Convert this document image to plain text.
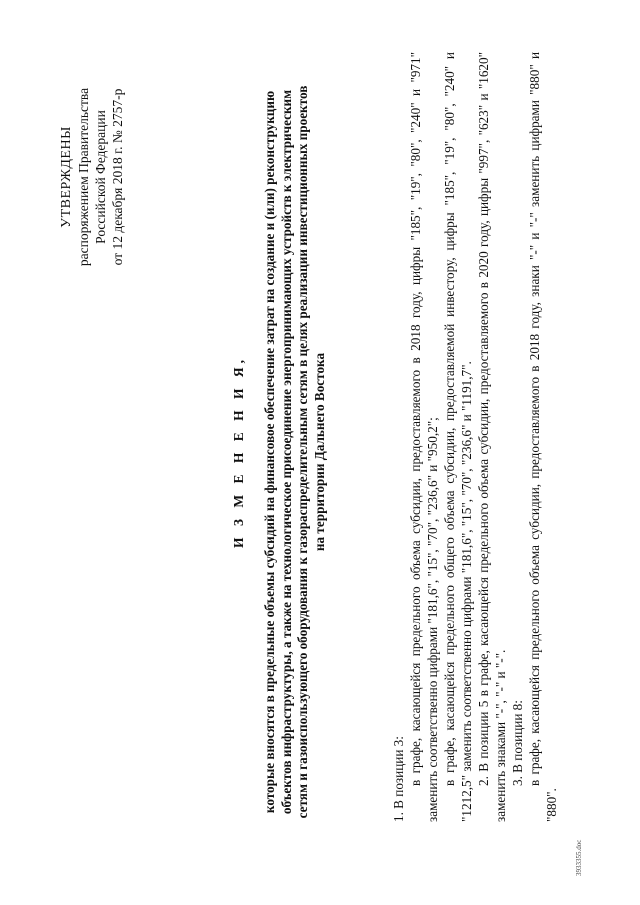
УТВЕРЖДЕНЫ распоряжением Правительства Российской Федерации от 12 декабря 2018 г. № 2757-р
И З М Е Н Е Н И Я, которые вносятся в предельные объемы субсидий на финансовое обеспечение затрат на создание и (или) реконструкцию объектов инфраструктуры, а также на технологическое присоединение энергопринимающих устройств к электрическим сетям и газоиспользующего оборудования к газораспределительным сетям в целях реализации инвестиционных проектов на территории Дальнего Востока

1. В позиции 3: в графе, касающейся предельного объема субсидии, предоставляемого в 2018 году, цифры "185", "19", "80", "240" и "971" заменить соответственно цифрами "181,6", "15", "70", "236,6" и "950,2"; в графе, касающейся предельного общего объема субсидии, предоставляемой инвестору, цифры "185", "19", "80", "240" и "1212,5" заменить соответственно цифрами "181,6", "15", "70", "236,6" и "1191,7". 2. В позиции 5 в графе, касающейся предельного объема субсидии, предоставляемого в 2020 году, цифры "997", "623" и "1620" заменить знаками "-", "-" и "-". 3. В позиции 8: в графе, касающейся предельного объема субсидии, предоставляемого в 2018 году, знаки "-" и "-" заменить цифрами "880" и "880".

3933355.doc
